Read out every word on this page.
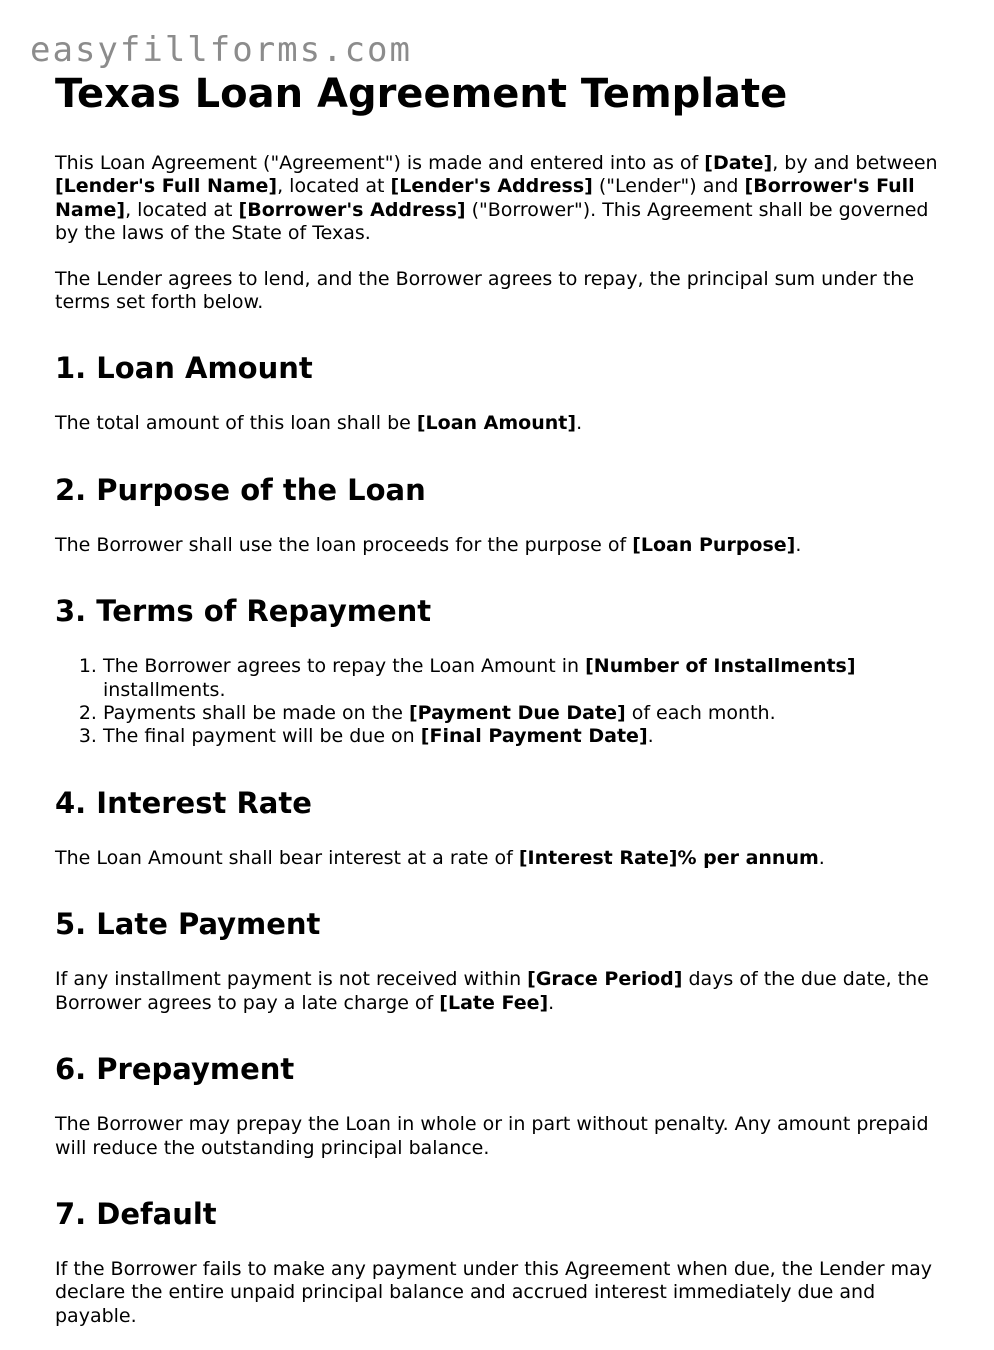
easyfillforms.com
Texas Loan Agreement Template

This Loan Agreement ("Agreement") is made and entered into as of [Date], by and between [Lender's Full Name], located at [Lender's Address] ("Lender") and [Borrower's Full Name], located at [Borrower's Address] ("Borrower"). This Agreement shall be governed by the laws of the State of Texas.

The Lender agrees to lend, and the Borrower agrees to repay, the principal sum under the terms set forth below.

1. Loan Amount

The total amount of this loan shall be [Loan Amount].

2. Purpose of the Loan

The Borrower shall use the loan proceeds for the purpose of [Loan Purpose].

3. Terms of Repayment
1. The Borrower agrees to repay the Loan Amount in [Number of Installments] installments.
2. Payments shall be made on the [Payment Due Date] of each month.
3. The final payment will be due on [Final Payment Date].
4. Interest Rate

The Loan Amount shall bear interest at a rate of [Interest Rate]% per annum.

5. Late Payment

If any installment payment is not received within [Grace Period] days of the due date, the Borrower agrees to pay a late charge of [Late Fee].

6. Prepayment

The Borrower may prepay the Loan in whole or in part without penalty. Any amount prepaid will reduce the outstanding principal balance.

7. Default

If the Borrower fails to make any payment under this Agreement when due, the Lender may declare the entire unpaid principal balance and accrued interest immediately due and payable.
